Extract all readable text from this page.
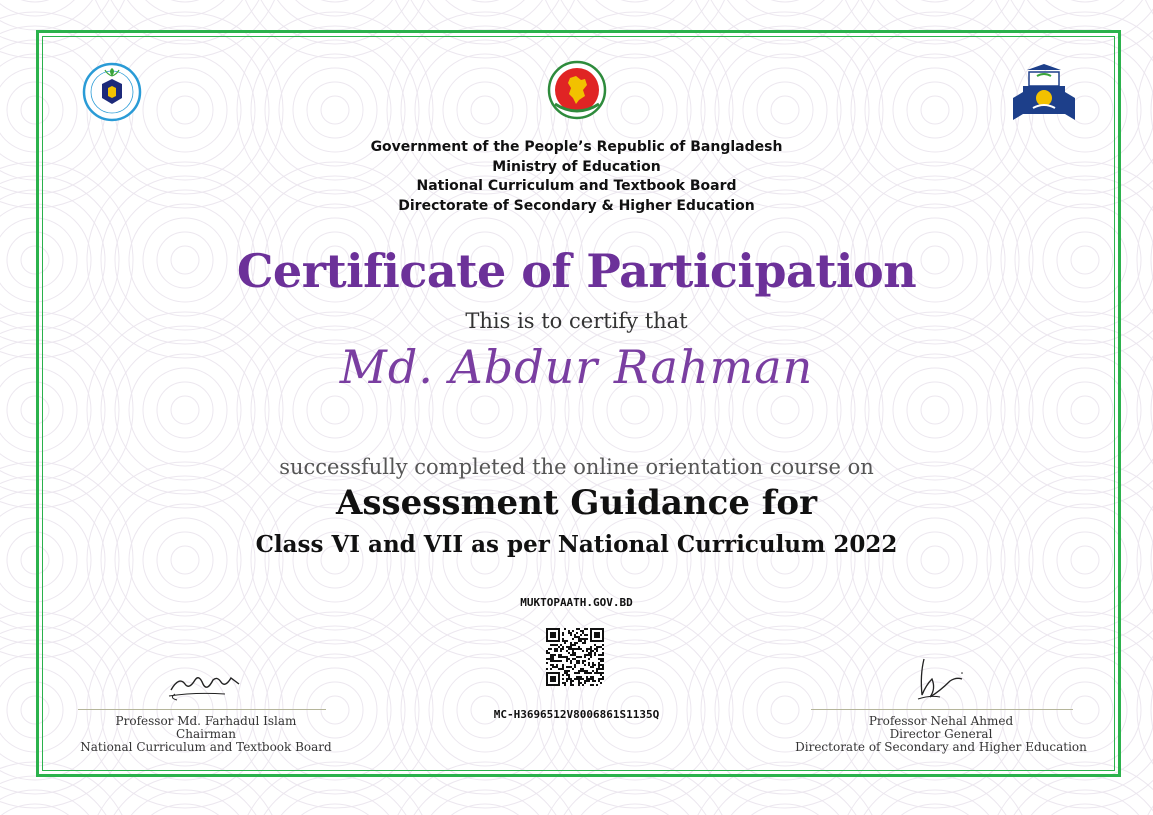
Government of the People’s Republic of Bangladesh
Ministry of Education
National Curriculum and Textbook Board
Directorate of Secondary & Higher Education
Certificate of Participation
This is to certify that
Md. Abdur Rahman
successfully completed the online orientation course on
Assessment Guidance for
Class VI and VII as per National Curriculum 2022
MUKTOPAATH.GOV.BD
MC-H3696512V8006861S1135Q
Professor Md. Farhadul Islam
Chairman
National Curriculum and Textbook Board
Professor Nehal Ahmed
Director General
Directorate of Secondary and Higher Education
